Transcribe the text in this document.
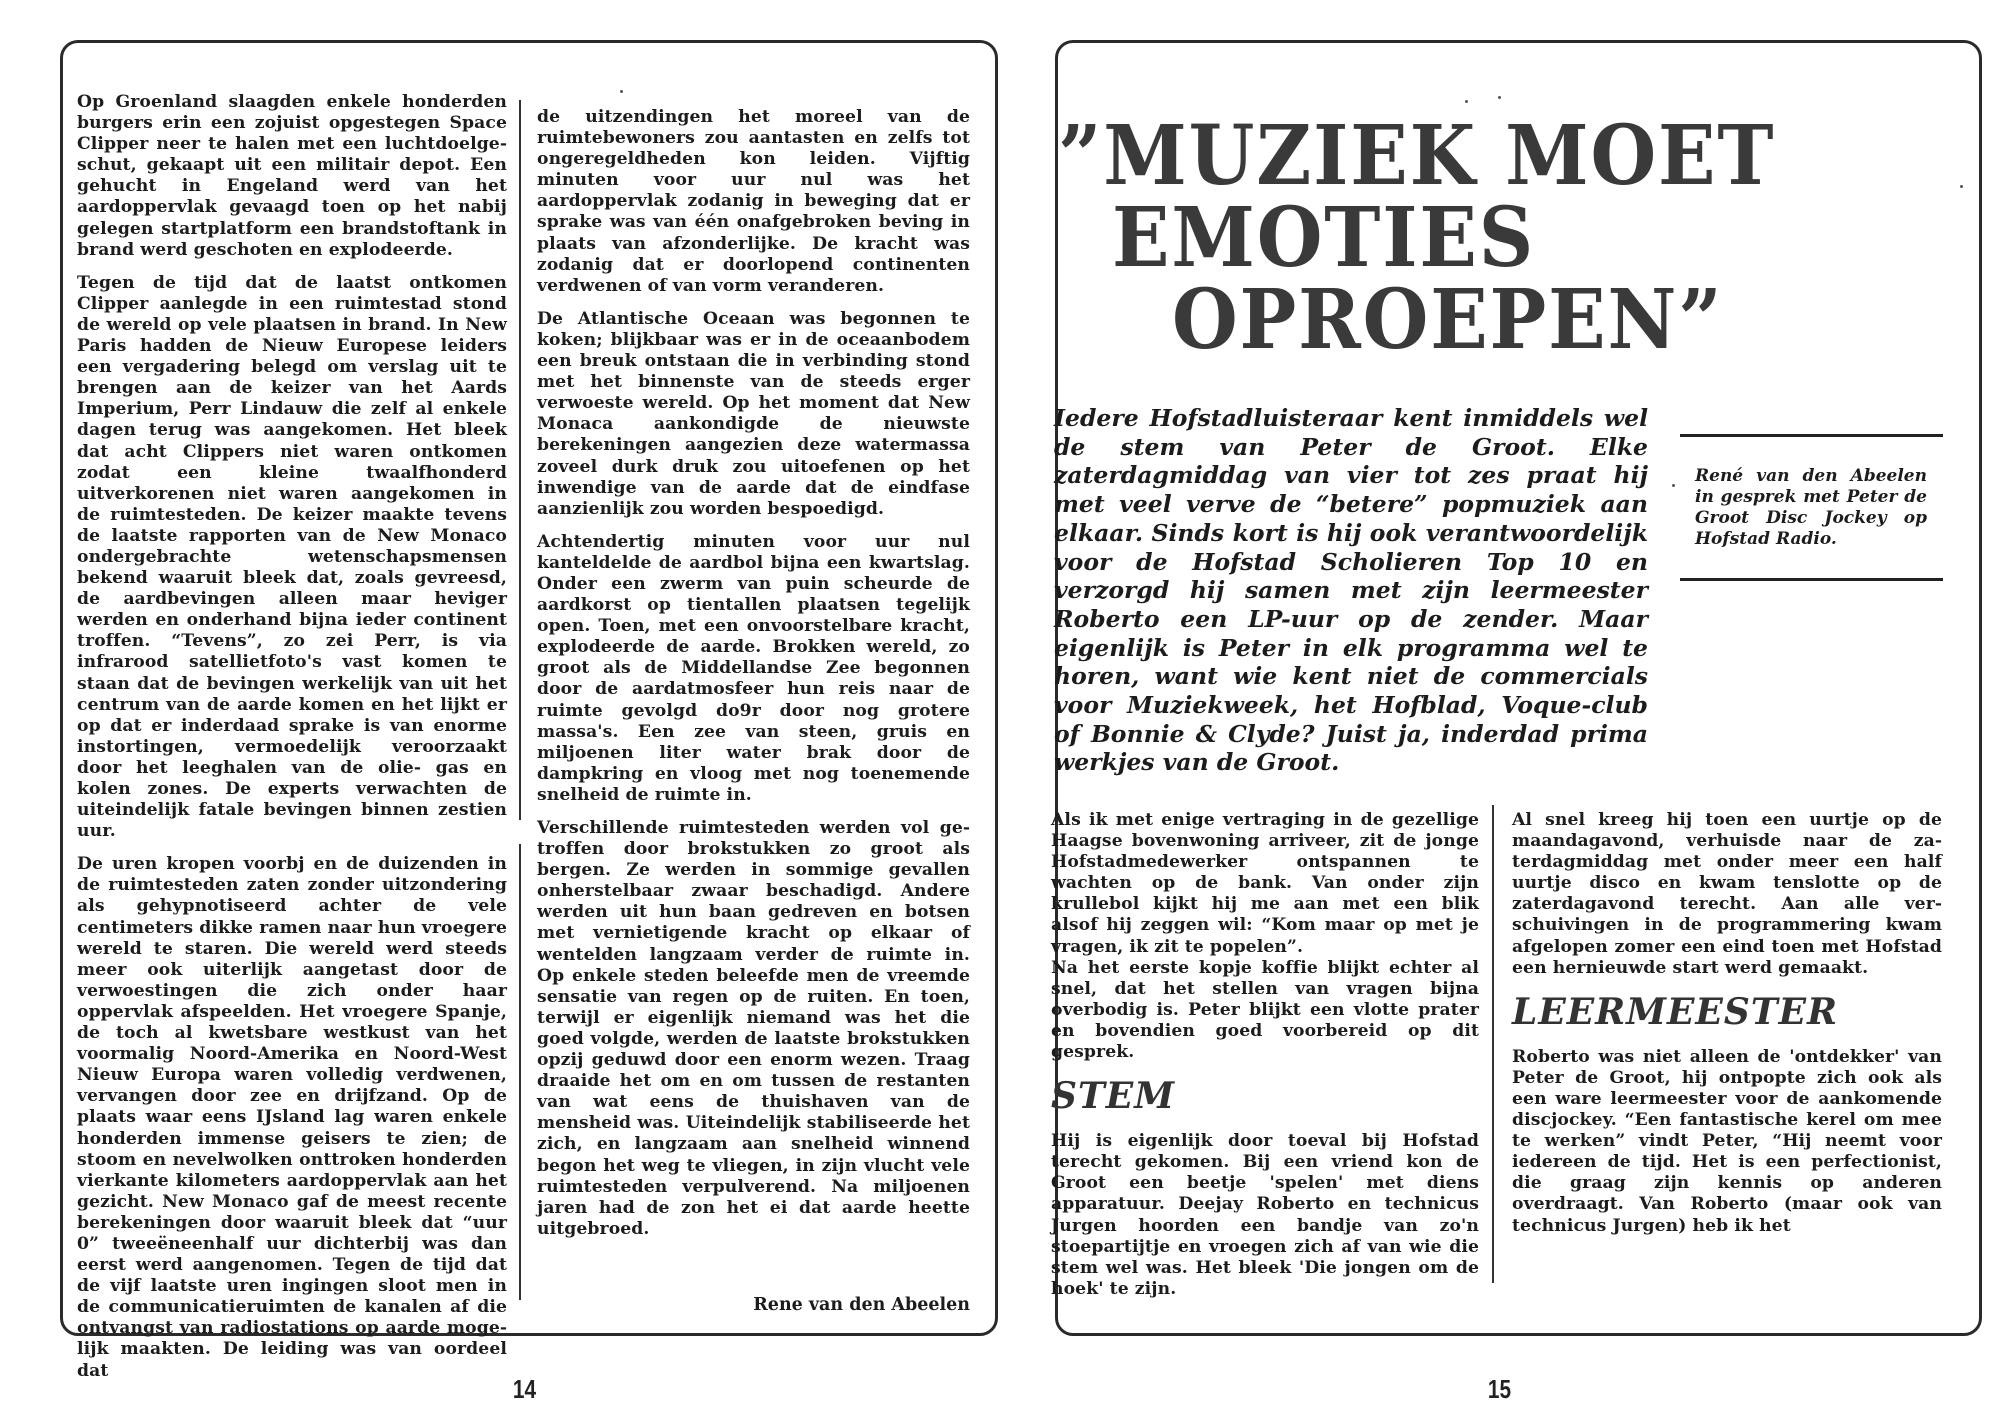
Op Groenland slaagden enkele honderden burgers erin een zojuist opgestegen Space Clipper neer te halen met een luchtdoelgeschut, gekaapt uit een militair depot. Een gehucht in Engeland werd van het aardoppervlak gevaagd toen op het nabij gelegen startplatform een brandstoftank in brand werd geschoten en explodeerde.

Tegen de tijd dat de laatst ontkomen Clipper aanlegde in een ruimtestad stond de wereld op vele plaatsen in brand. In New Paris hadden de Nieuw Europese leiders een vergadering belegd om verslag uit te brengen aan de keizer van het Aards Imperium, Perr Lindauw die zelf al enkele dagen terug was aangekomen. Het bleek dat acht Clippers niet waren ontkomen zodat een kleine twaalfhonderd uitverkorenen niet waren aangekomen in de ruimtesteden. De keizer maakte tevens de laatste rapporten van de New Monaco ondergebrachte wetenschapsmensen bekend waaruit bleek dat, zoals gevreesd, de aardbevingen alleen maar heviger werden en onderhand bijna ieder continent troffen. “Tevens”, zo zei Perr, is via infrarood satellietfoto's vast komen te staan dat de bevingen werkelijk van uit het centrum van de aarde komen en het lijkt er op dat er inderdaad sprake is van enorme instortingen, vermoedelijk veroorzaakt door het leeghalen van de olie- gas en kolen zones. De experts verwachten de uiteindelijk fatale bevingen binnen zestien uur.

De uren kropen voorbj en de duizenden in de ruimtesteden zaten zonder uitzondering als gehypnotiseerd achter de vele centimeters dikke ramen naar hun vroegere wereld te staren. Die wereld werd steeds meer ook uiterlijk aangetast door de verwoestingen die zich onder haar oppervlak afspeelden. Het vroegere Spanje, de toch al kwetsbare westkust van het voormalig Noord-Amerika en Noord-West Nieuw Europa waren volledig verdwenen, vervangen door zee en drijfzand. Op de plaats waar eens IJsland lag waren enkele honderden immense geisers te zien; de stoom en nevelwolken onttroken honderden vierkante kilometers aardoppervlak aan het gezicht. New Monaco gaf de meest recente berekeningen door waaruit bleek dat “uur 0” tweeëneenhalf uur dichterbij was dan eerst werd aangenomen. Tegen de tijd dat de vijf laatste uren ingingen sloot men in de communicatieruimten de kanalen af die ontvangst van radiostations op aarde mogelijk maakten. De leiding was van oordeel dat

de uitzendingen het moreel van de ruimtebewoners zou aantasten en zelfs tot ongeregeldheden kon leiden. Vijftig minuten voor uur nul was het aardoppervlak zodanig in beweging dat er sprake was van één onafgebroken beving in plaats van afzonderlijke. De kracht was zodanig dat er doorlopend continenten verdwenen of van vorm veranderen.

De Atlantische Oceaan was begonnen te koken; blijkbaar was er in de oceaanbodem een breuk ontstaan die in verbinding stond met het binnenste van de steeds erger verwoeste wereld. Op het moment dat New Monaca aankondigde de nieuwste berekeningen aangezien deze watermassa zoveel durk druk zou uitoefenen op het inwendige van de aarde dat de eindfase aanzienlijk zou worden bespoedigd.

Achtendertig minuten voor uur nul kanteldelde de aardbol bijna een kwartslag. Onder een zwerm van puin scheurde de aardkorst op tientallen plaatsen tegelijk open. Toen, met een onvoorstelbare kracht, explodeerde de aarde. Brokken wereld, zo groot als de Middellandse Zee begonnen door de aardatmosfeer hun reis naar de ruimte gevolgd do9r door nog grotere massa's. Een zee van steen, gruis en miljoenen liter water brak door de dampkring en vloog met nog toenemende snelheid de ruimte in.

Verschillende ruimtesteden werden vol getroffen door brokstukken zo groot als bergen. Ze werden in sommige gevallen onherstelbaar zwaar beschadigd. Andere werden uit hun baan gedreven en botsen met vernietigende kracht op elkaar of wentelden langzaam verder de ruimte in. Op enkele steden beleefde men de vreemde sensatie van regen op de ruiten. En toen, terwijl er eigenlijk niemand was het die goed volgde, werden de laatste brokstukken opzij geduwd door een enorm wezen. Traag draaide het om en om tussen de restanten van wat eens de thuishaven van de mensheid was. Uiteindelijk stabiliseerde het zich, en langzaam aan snelheid winnend begon het weg te vliegen, in zijn vlucht vele ruimtesteden verpulverend. Na miljoenen jaren had de zon het ei dat aarde heette uitgebroed.

Rene van den Abeelen
14
”MUZIEK MOET
EMOTIES
OPROEPEN”
Iedere Hofstadluisteraar kent inmiddels wel de stem van Peter de Groot. Elke zaterdagmiddag van vier tot zes praat hij met veel verve de “betere” popmuziek aan elkaar. Sinds kort is hij ook verantwoordelijk voor de Hofstad Scholieren Top 10 en verzorgd hij samen met zijn leermeester Roberto een LP-uur op de zender. Maar eigenlijk is Peter in elk programma wel te horen, want wie kent niet de commercials voor Muziekweek, het Hofblad, Voque-club of Bonnie & Clyde? Juist ja, inderdad prima werkjes van de Groot.
René van den Abeelen in gesprek met Peter de Groot Disc Jockey op Hofstad Radio.

Als ik met enige vertraging in de gezellige Haagse bovenwoning arriveer, zit de jonge Hofstadmedewerker ontspannen te wachten op de bank. Van onder zijn krullebol kijkt hij me aan met een blik alsof hij zeggen wil: “Kom maar op met je vragen, ik zit te popelen”.

Na het eerste kopje koffie blijkt echter al snel, dat het stellen van vragen bijna overbodig is. Peter blijkt een vlotte prater en bovendien goed voorbereid op dit gesprek.

STEM

Hij is eigenlijk door toeval bij Hofstad terecht gekomen. Bij een vriend kon de Groot een beetje 'spelen' met diens apparatuur. Deejay Roberto en technicus Jurgen hoorden een bandje van zo'n stoepartijtje en vroegen zich af van wie die stem wel was. Het bleek 'Die jongen om de hoek' te zijn.

Al snel kreeg hij toen een uurtje op de maandagavond, verhuisde naar de zaterdagmiddag met onder meer een half uurtje disco en kwam tenslotte op de zaterdagavond terecht. Aan alle verschuivingen in de programmering kwam afgelopen zomer een eind toen met Hofstad een hernieuwde start werd gemaakt.

LEERMEESTER

Roberto was niet alleen de 'ontdekker' van Peter de Groot, hij ontpopte zich ook als een ware leermeester voor de aankomende discjockey. “Een fantastische kerel om mee te werken” vindt Peter, “Hij neemt voor iedereen de tijd. Het is een perfectionist, die graag zijn kennis op anderen overdraagt. Van Roberto (maar ook van technicus Jurgen) heb ik het

15
